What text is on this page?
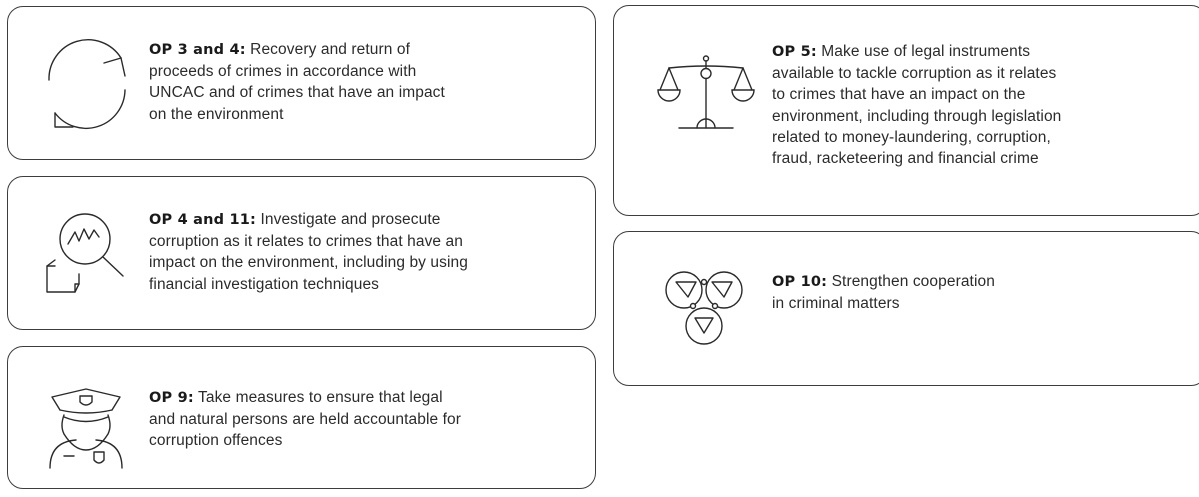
OP 3 and 4: Recovery and return of
proceeds of crimes in accordance with
UNCAC and of crimes that have an impact
on the environment
OP 4 and 11: Investigate and prosecute
corruption as it relates to crimes that have an
impact on the environment, including by using
financial investigation techniques
OP 9: Take measures to ensure that legal
and natural persons are held accountable for
corruption offences
OP 5: Make use of legal instruments
available to tackle corruption as it relates
to crimes that have an impact on the
environment, including through legislation
related to money-laundering, corruption,
fraud, racketeering and financial crime
OP 10: Strengthen cooperation
in criminal matters
